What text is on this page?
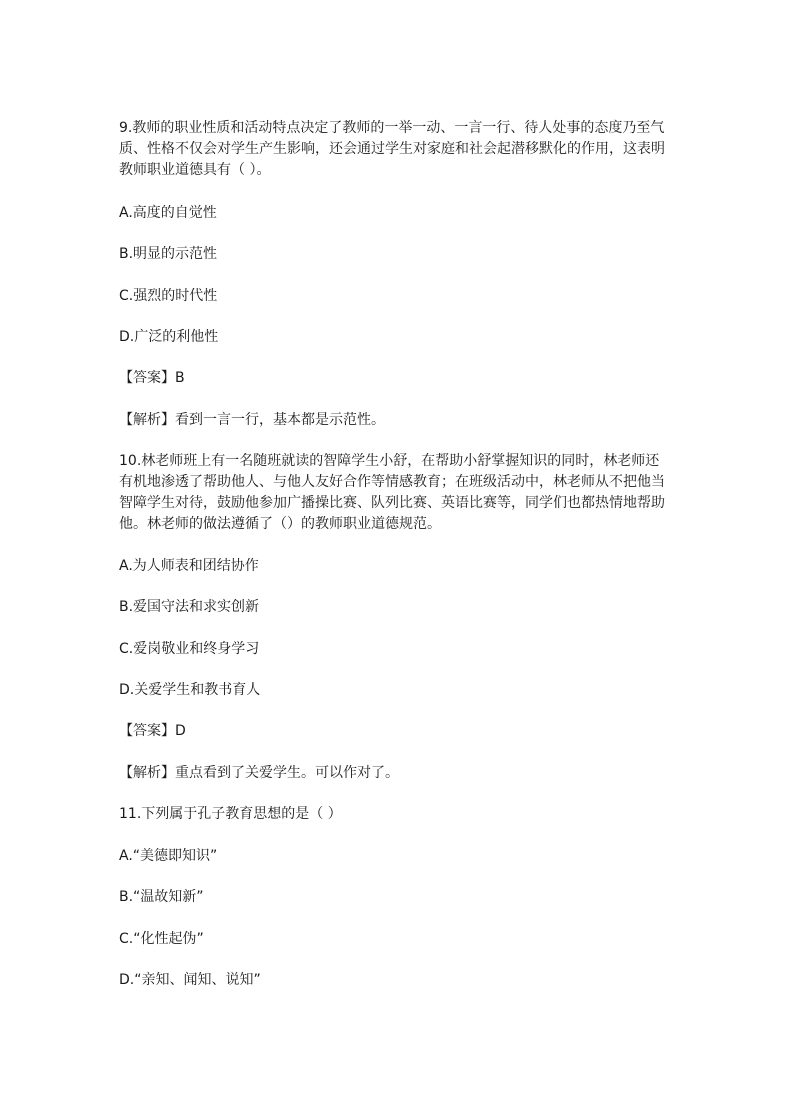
9.教师的职业性质和活动特点决定了教师的一举一动、一言一行、待人处事的态度乃至气质、性格不仅会对学生产生影响，还会通过学生对家庭和社会起潜移默化的作用，这表明教师职业道德具有（ ）。
A.高度的自觉性
B.明显的示范性
C.强烈的时代性
D.广泛的利他性
【答案】B
【解析】看到一言一行，基本都是示范性。
10.林老师班上有一名随班就读的智障学生小舒，在帮助小舒掌握知识的同时，林老师还有机地渗透了帮助他人、与他人友好合作等情感教育；在班级活动中，林老师从不把他当智障学生对待，鼓励他参加广播操比赛、队列比赛、英语比赛等，同学们也都热情地帮助他。林老师的做法遵循了（）的教师职业道德规范。
A.为人师表和团结协作
B.爱国守法和求实创新
C.爱岗敬业和终身学习
D.关爱学生和教书育人
【答案】D
【解析】重点看到了关爱学生。可以作对了。
11.下列属于孔子教育思想的是（ ）
A.“美德即知识”
B.“温故知新”
C.“化性起伪”
D.“亲知、闻知、说知”
